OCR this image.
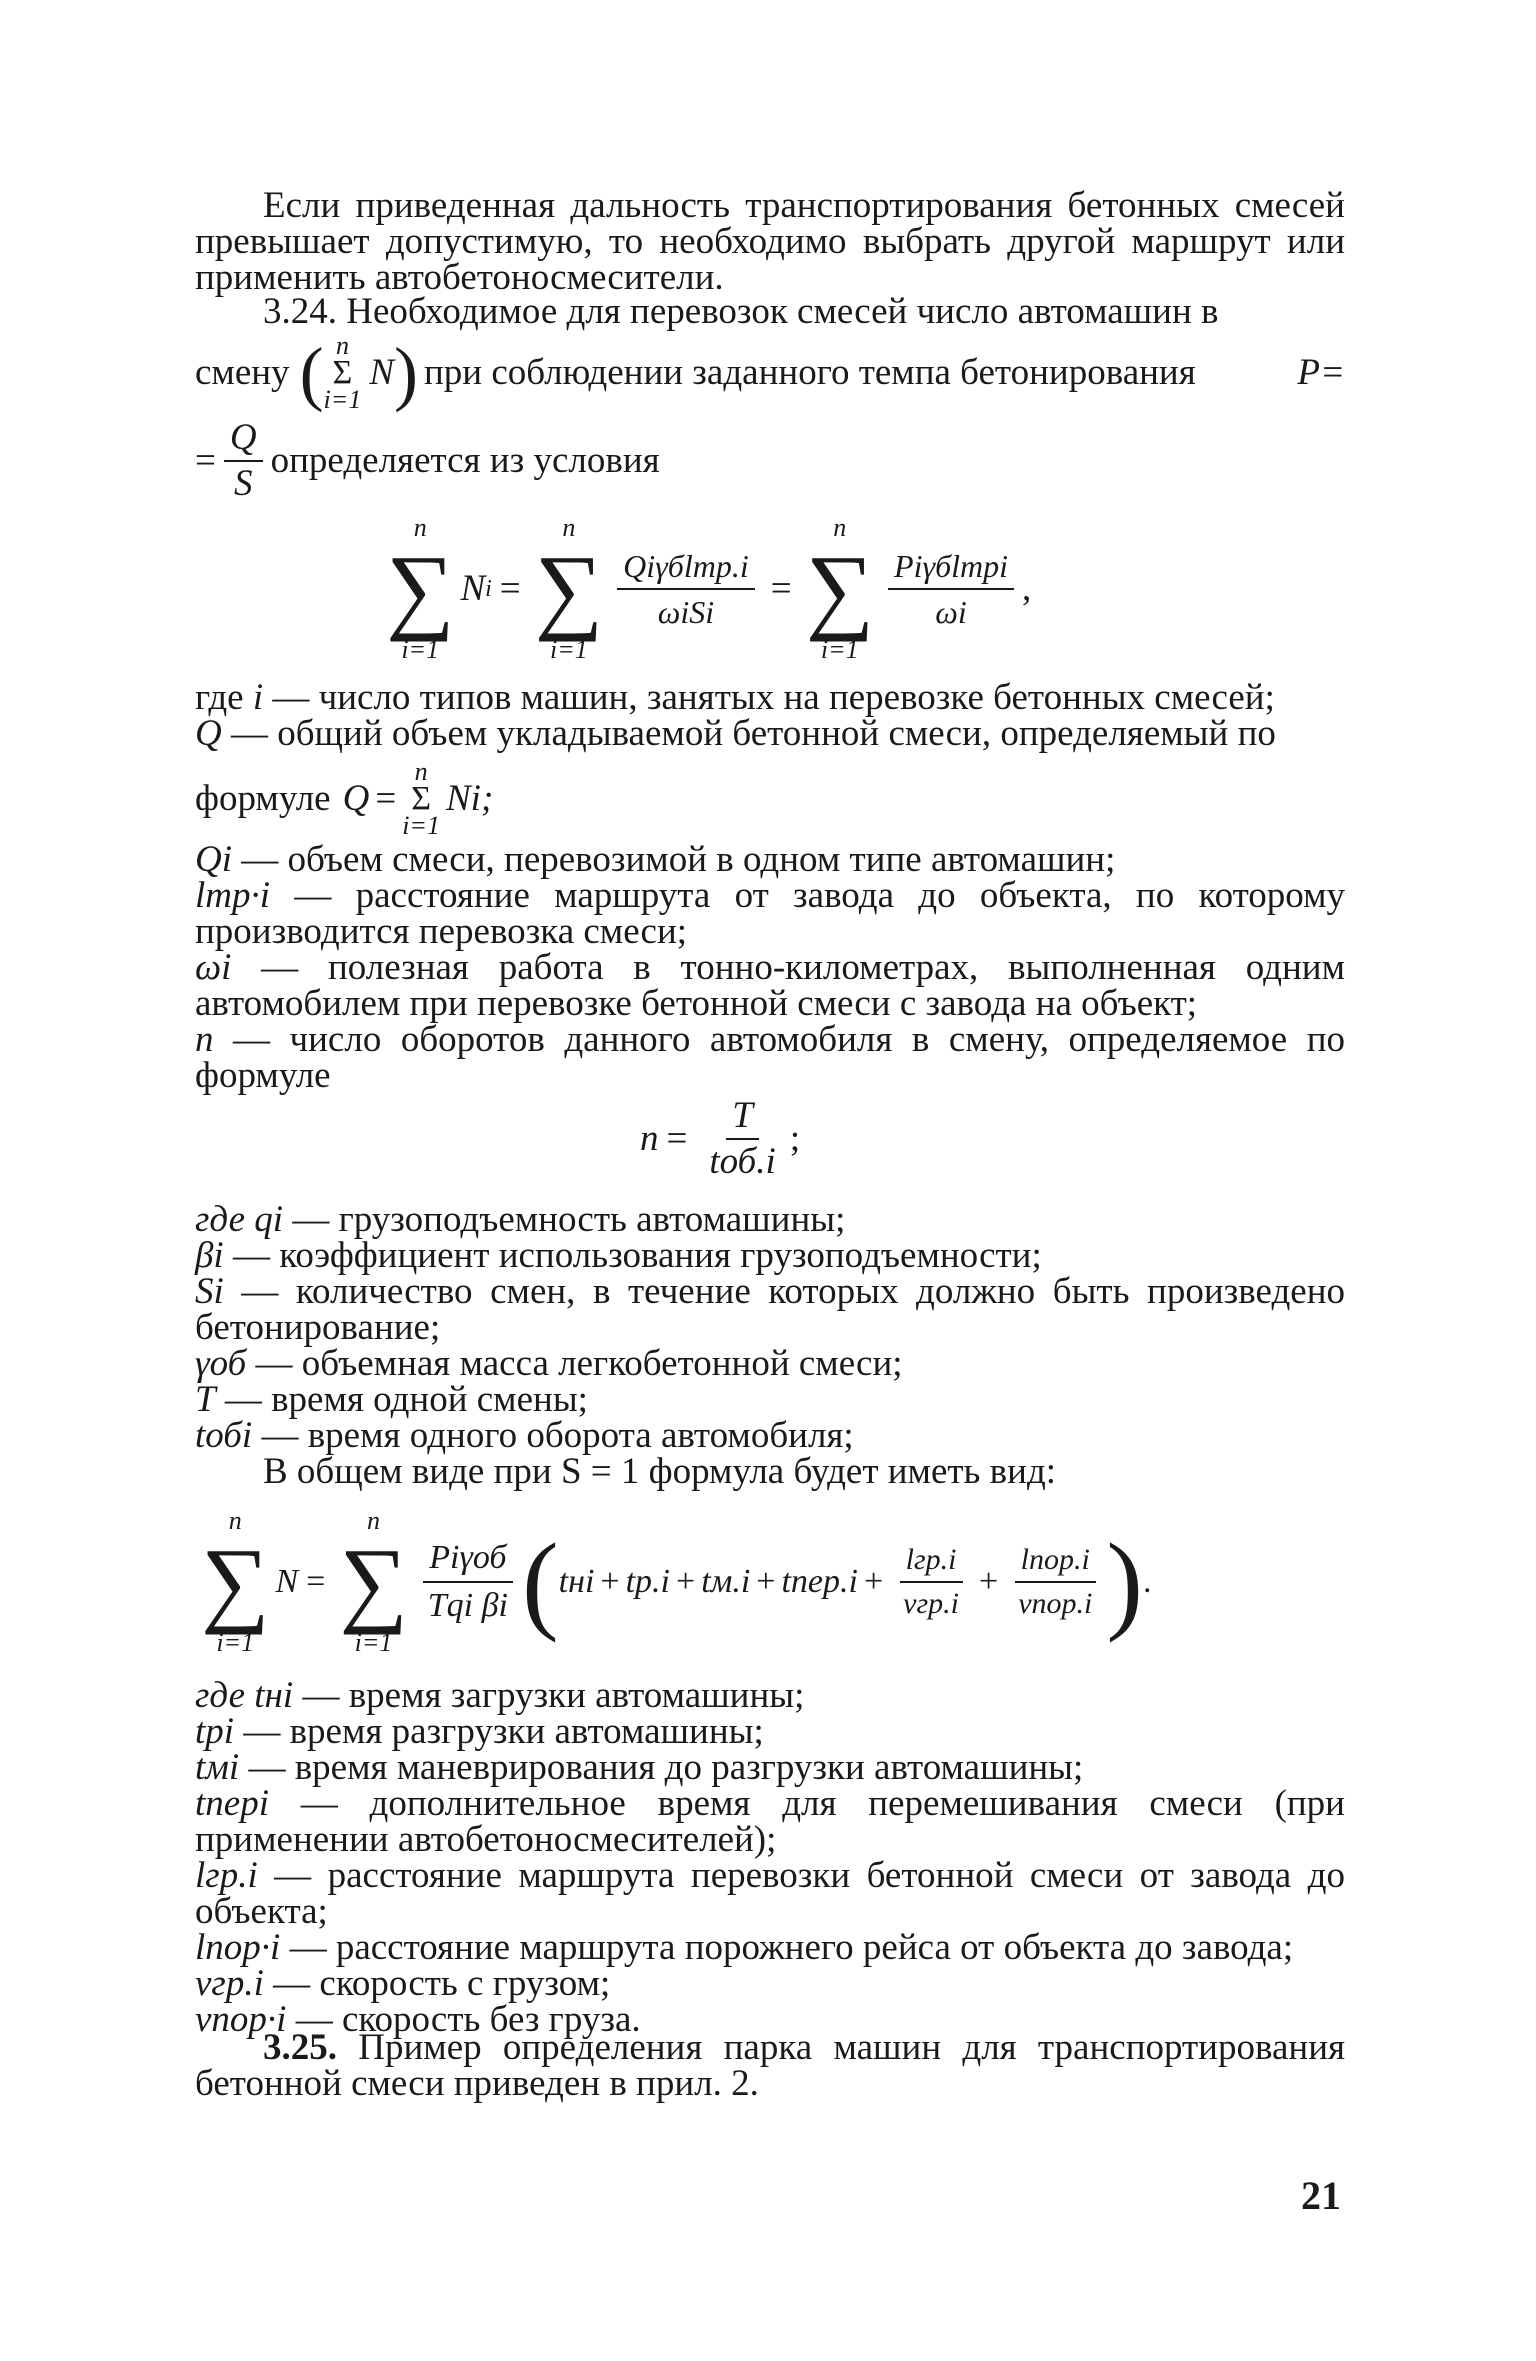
Если приведенная дальность транспортирования бетонных смесей превышает допустимую, то необходимо выбрать другой маршрут или применить автобетоносмесители.
3.24. Необходимое для перевозок смесей число автомашин в
смену ( n
Σ
i=1
N ) при соблюдении заданного темпа бетонирования	P=
= $\frac{Q}{S}$ определяется из условия
n
∑
i=1
N i =
n
∑
i=1
$\frac{\text{Qiγбlтр.i}}{\text{ωiSi}}$ =
n
∑
i=1
$\frac{\text{Piγбlтрi}}{\omega i}$ ,
где i — число типов машин, занятых на перевозке бетонных смесей;
Q — общий объем укладываемой бетонной смеси, определяемый по
формуле Q =
n
Σ
i=1
Ni;
Qi — объем смеси, перевозимой в одном типе автомашин;
lтр·i — расстояние маршрута от завода до объекта, по которому производится перевозка смеси;
ωi — полезная работа в тонно-километрах, выполненная одним автомобилем при перевозке бетонной смеси с завода на объект;
n — число оборотов данного автомобиля в смену, определяемое по формуле
$n = \frac{T}{\text{tоб.i}}$ ;
где qi — грузоподъемность автомашины;
βi — коэффициент использования грузоподъемности;
Si — количество смен, в течение которых должно быть произведено бетонирование;
γоб — объемная масса легкобетонной смеси;
T — время одной смены;
tобi — время одного оборота автомобиля;
В общем виде при S = 1 формула будет иметь вид:
n
∑
i=1
N =
n
∑
i=1
$\frac{\text{Piγоб}}{\text{Tqi βi}}$ ( tнi + tр.i + tм.i + tпер.i + $\frac{\text{lгр.i}}{\text{vгр.i}} + \frac{\text{lпор.i}}{\text{vпор.i}}$ ) .
где tнi — время загрузки автомашины;
tрi — время разгрузки автомашины;
tмi — время маневрирования до разгрузки автомашины;
tперi — дополнительное время для перемешивания смеси (при применении автобетоносмесителей);
lгр.i — расстояние маршрута перевозки бетонной смеси от завода до объекта;
lпор·i — расстояние маршрута порожнего рейса от объекта до завода;
vгр.i — скорость с грузом;
vпор·i — скорость без груза.
3.25. Пример определения парка машин для транспортирования бетонной смеси приведен в прил. 2.
21
